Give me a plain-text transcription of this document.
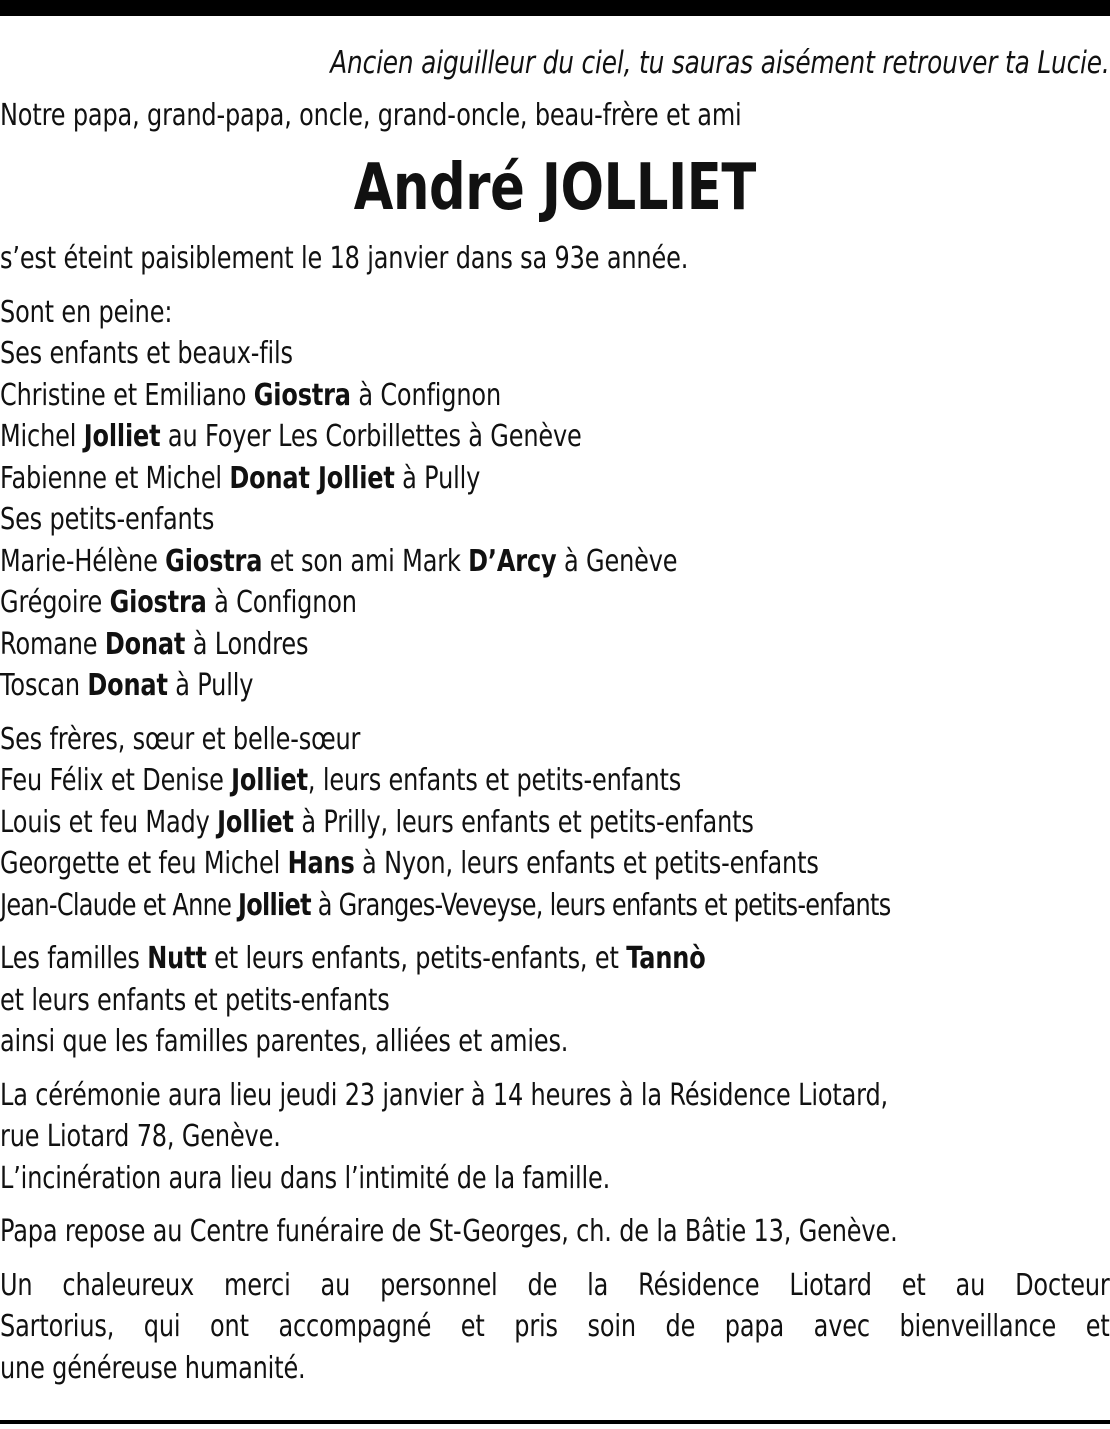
Ancien aiguilleur du ciel, tu sauras aisément retrouver ta Lucie.
Notre papa, grand-papa, oncle, grand-oncle, beau-frère et ami
André JOLLIET
s’est éteint paisiblement le 18 janvier dans sa 93e année.
Sont en peine:
Ses enfants et beaux-fils
Christine et Emiliano Giostra à Confignon
Michel Jolliet au Foyer Les Corbillettes à Genève
Fabienne et Michel Donat Jolliet à Pully
Ses petits-enfants
Marie-Hélène Giostra et son ami Mark D’Arcy à Genève
Grégoire Giostra à Confignon
Romane Donat à Londres
Toscan Donat à Pully
Ses frères, sœur et belle-sœur
Feu Félix et Denise Jolliet, leurs enfants et petits-enfants
Louis et feu Mady Jolliet à Prilly, leurs enfants et petits-enfants
Georgette et feu Michel Hans à Nyon, leurs enfants et petits-enfants
Jean-Claude et Anne Jolliet à Granges-Veveyse, leurs enfants et petits-enfants
Les familles Nutt et leurs enfants, petits-enfants, et Tannò
et leurs enfants et petits-enfants
ainsi que les familles parentes, alliées et amies.
La cérémonie aura lieu jeudi 23 janvier à 14 heures à la Résidence Liotard,
rue Liotard 78, Genève.
L’incinération aura lieu dans l’intimité de la famille.
Papa repose au Centre funéraire de St-Georges, ch. de la Bâtie 13, Genève.
Un chaleureux merci au personnel de la Résidence Liotard et au Docteur
Sartorius, qui ont accompagné et pris soin de papa avec bienveillance et
une généreuse humanité.
